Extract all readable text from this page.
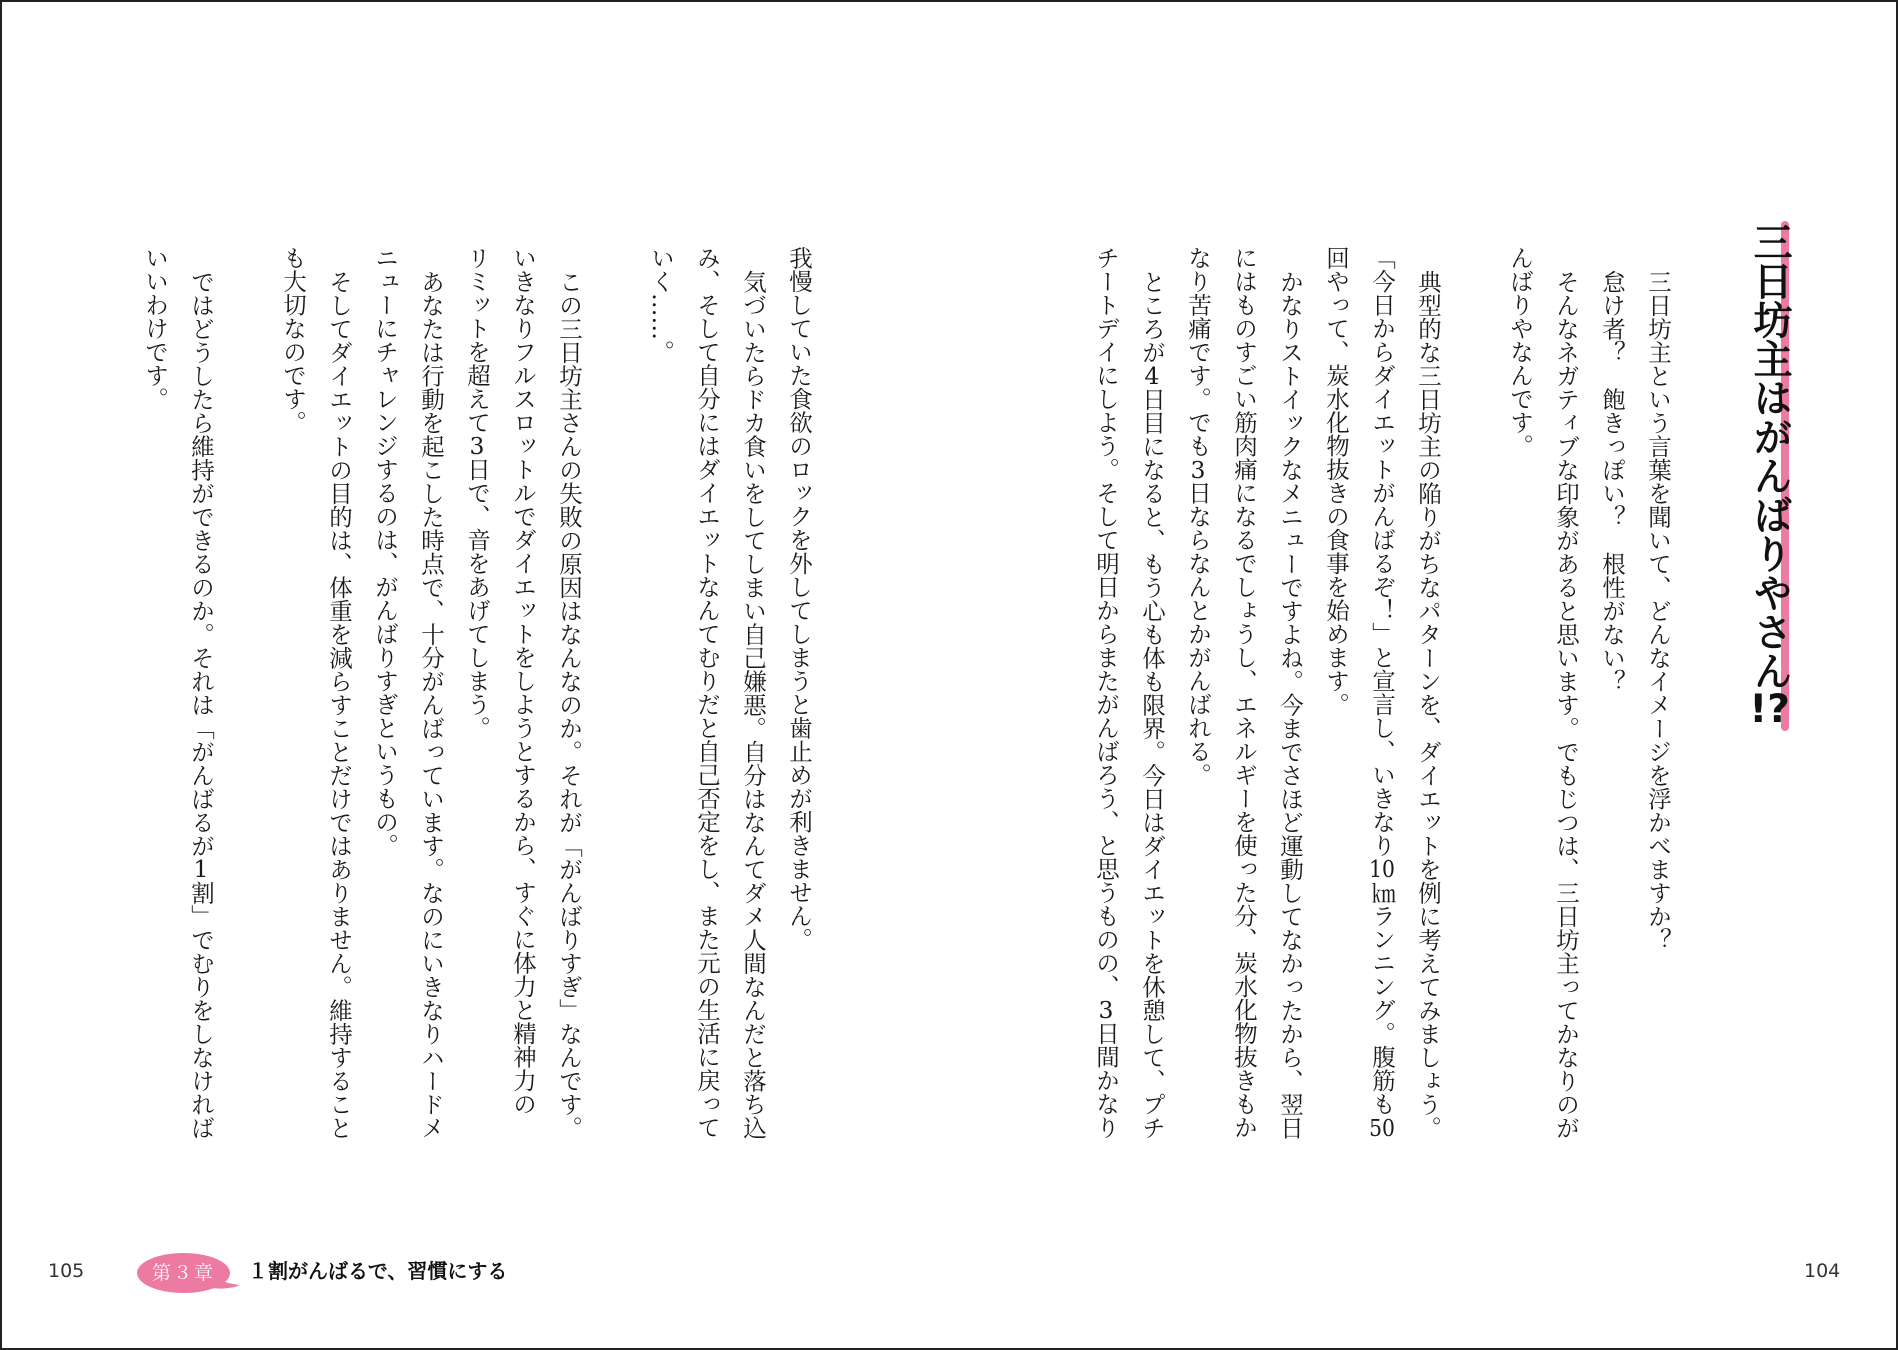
三日坊主はがんばりやさん!?

三日坊主という言葉を聞いて、どんなイメージを浮かべますか？

怠け者？　飽きっぽい？　根性がない？

そんなネガティブな印象があると思います。でもじつは、三日坊主ってかなりのが

んばりやなんです。

典型的な三日坊主の陥りがちなパターンを、ダイエットを例に考えてみましょう。

「今日からダイエットがんばるぞ！」と宣言し、いきなり10㎞ランニング。腹筋も50

回やって、炭水化物抜きの食事を始めます。

かなりストイックなメニューですよね。今までさほど運動してなかったから、翌日

にはものすごい筋肉痛になるでしょうし、エネルギーを使った分、炭水化物抜きもか

なり苦痛です。でも3日ならなんとかがんばれる。

ところが4日目になると、もう心も体も限界。今日はダイエットを休憩して、プチ

チートデイにしよう。そして明日からまたがんばろう、と思うものの、3日間かなり

我慢していた食欲のロックを外してしまうと歯止めが利きません。

気づいたらドカ食いをしてしまい自己嫌悪。自分はなんてダメ人間なんだと落ち込

み、そして自分にはダイエットなんてむりだと自己否定をし、また元の生活に戻って

いく……。

この三日坊主さんの失敗の原因はなんなのか。それが「がんばりすぎ」なんです。

いきなりフルスロットルでダイエットをしようとするから、すぐに体力と精神力の

リミットを超えて3日で、音をあげてしまう。

あなたは行動を起こした時点で、十分がんばっています。なのにいきなりハードメ

ニューにチャレンジするのは、がんばりすぎというもの。

そしてダイエットの目的は、体重を減らすことだけではありません。維持すること

も大切なのです。

ではどうしたら維持ができるのか。それは「がんばるが1割」でむりをしなければ

いいわけです。

105	第３章	１割がんばるで、習慣にする	104
